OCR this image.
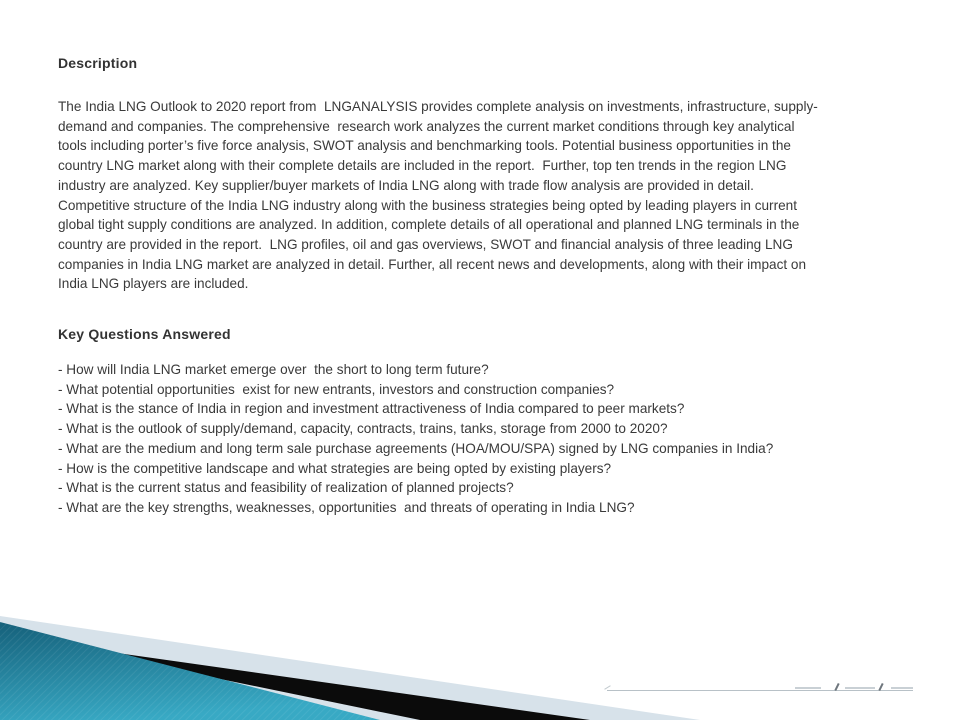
Description
The India LNG Outlook to 2020 report from  LNGANALYSIS provides complete analysis on investments, infrastructure, supply-
demand and companies. The comprehensive  research work analyzes the current market conditions through key analytical
tools including porter’s five force analysis, SWOT analysis and benchmarking tools. Potential business opportunities in the
country LNG market along with their complete details are included in the report.  Further, top ten trends in the region LNG
industry are analyzed. Key supplier/buyer markets of India LNG along with trade flow analysis are provided in detail.
Competitive structure of the India LNG industry along with the business strategies being opted by leading players in current
global tight supply conditions are analyzed. In addition, complete details of all operational and planned LNG terminals in the
country are provided in the report.  LNG profiles, oil and gas overviews, SWOT and financial analysis of three leading LNG
companies in India LNG market are analyzed in detail. Further, all recent news and developments, along with their impact on
India LNG players are included.
Key Questions Answered
- How will India LNG market emerge over  the short to long term future?
- What potential opportunities  exist for new entrants, investors and construction companies?
- What is the stance of India in region and investment attractiveness of India compared to peer markets?
- What is the outlook of supply/demand, capacity, contracts, trains, tanks, storage from 2000 to 2020?
- What are the medium and long term sale purchase agreements (HOA/MOU/SPA) signed by LNG companies in India?
- How is the competitive landscape and what strategies are being opted by existing players?
- What is the current status and feasibility of realization of planned projects?
- What are the key strengths, weaknesses, opportunities  and threats of operating in India LNG?
